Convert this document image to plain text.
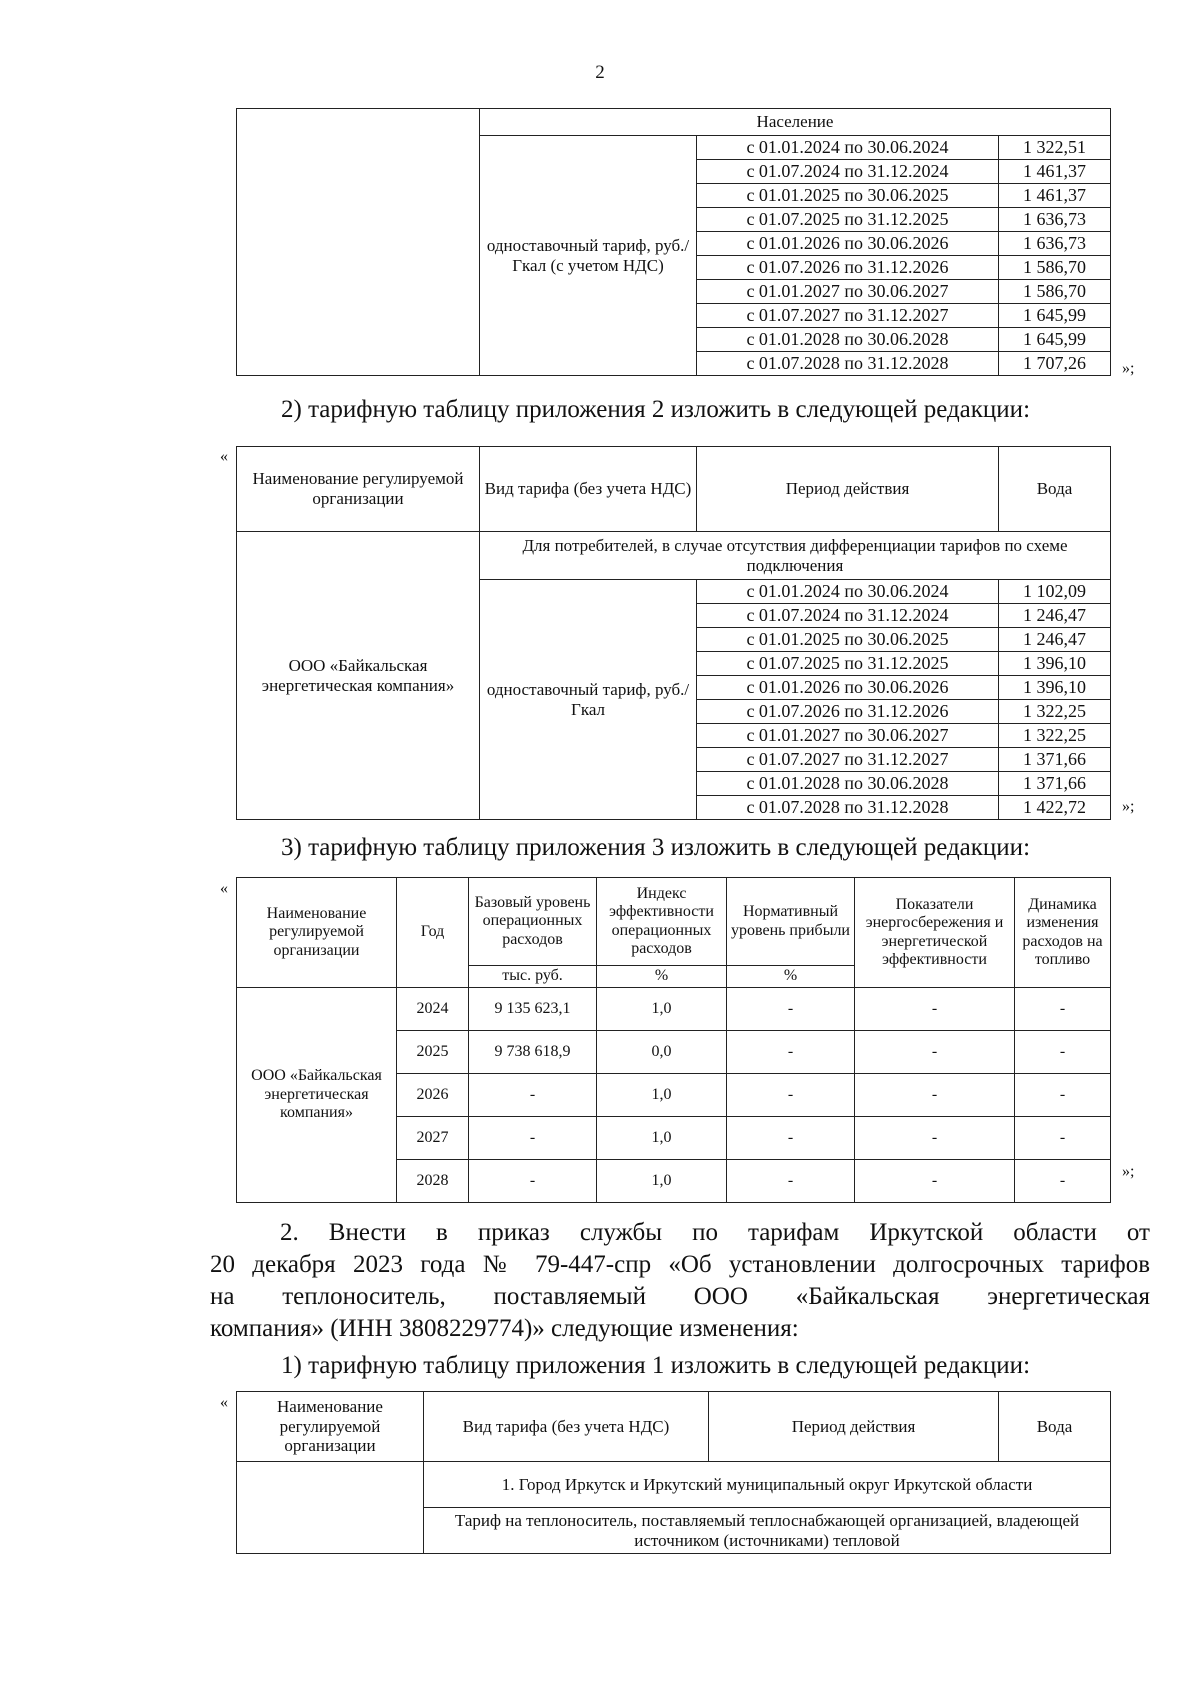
2
	Население		
	одноставочный тариф, руб./Гкал (с учетом НДС)	с 01.01.2024 по 30.06.2024	1 322,51
		с 01.07.2024 по 31.12.2024	1 461,37
		с 01.01.2025 по 30.06.2025	1 461,37
		с 01.07.2025 по 31.12.2025	1 636,73
		с 01.01.2026 по 30.06.2026	1 636,73
		с 01.07.2026 по 31.12.2026	1 586,70
		с 01.01.2027 по 30.06.2027	1 586,70
		с 01.07.2027 по 31.12.2027	1 645,99
		с 01.01.2028 по 30.06.2028	1 645,99
		с 01.07.2028 по 31.12.2028	1 707,26 »;
2) тарифную таблицу приложения 2 изложить в следующей редакции:
«
Наименование регулируемой организации	Вид тарифа (без учета НДС)	Период действия	Вода
ООО «Байкальская энергетическая компания»	Для потребителей, в случае отсутствия дифференциации тарифов по схеме подключения		
	одноставочный тариф, руб./Гкал	с 01.01.2024 по 30.06.2024	1 102,09
		с 01.07.2024 по 31.12.2024	1 246,47
		с 01.01.2025 по 30.06.2025	1 246,47
		с 01.07.2025 по 31.12.2025	1 396,10
		с 01.01.2026 по 30.06.2026	1 396,10
		с 01.07.2026 по 31.12.2026	1 322,25
		с 01.01.2027 по 30.06.2027	1 322,25
		с 01.07.2027 по 31.12.2027	1 371,66
		с 01.01.2028 по 30.06.2028	1 371,66
		с 01.07.2028 по 31.12.2028	1 422,72 »;
3) тарифную таблицу приложения 3 изложить в следующей редакции:
«
Наименование регулируемой организации	Год	Базовый уровень операционных расходов	Индекс эффективности операционных расходов	Нормативный уровень прибыли	Показатели энергосбережения и энергетической эффективности	Динамика изменения расходов на топливо
		тыс. руб.	%	%		
ООО «Байкальская энергетическая компания»	2024	9 135 623,1	1,0	-	-	-
	2025	9 738 618,9	0,0	-	-	-
	2026	-	1,0	-	-	-
	2027	-	1,0	-	-	-
	2028	-	1,0	-	-	-
»;
2. Внести в приказ службы по тарифам Иркутской области от
20 декабря 2023 года № 79-447-спр «Об установлении долгосрочных тарифов
на теплоноситель, поставляемый ООО «Байкальская энергетическая
компания» (ИНН 3808229774)» следующие изменения:
1) тарифную таблицу приложения 1 изложить в следующей редакции:
«	Наименование регулируемой организации	Вид тарифа (без учета НДС)	Период действия	Вода
	1. Город Иркутск и Иркутский муниципальный округ Иркутской области		
	Тариф на теплоноситель, поставляемый теплоснабжающей организацией, владеющей источником (источниками) тепловой		
